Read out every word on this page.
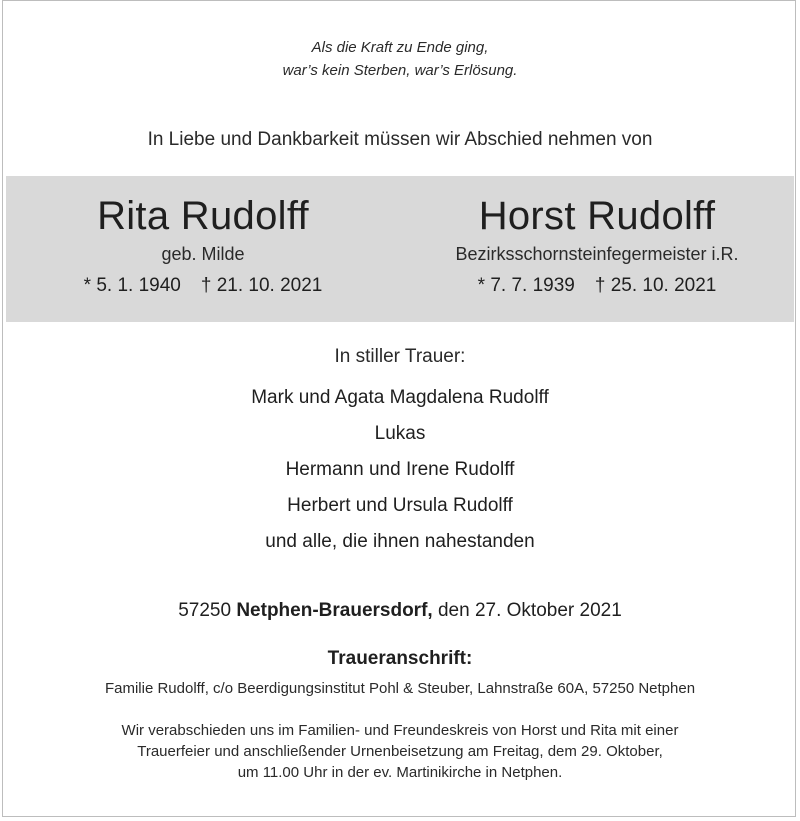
Als die Kraft zu Ende ging,
war’s kein Sterben, war’s Erlösung.
In Liebe und Dankbarkeit müssen wir Abschied nehmen von
Rita Rudolff
geb. Milde
* 5. 1. 1940 † 21. 10. 2021
Horst Rudolff
Bezirksschornsteinfegermeister i.R.
* 7. 7. 1939 † 25. 10. 2021
In stiller Trauer:
Mark und Agata Magdalena Rudolff
Lukas
Hermann und Irene Rudolff
Herbert und Ursula Rudolff
und alle, die ihnen nahestanden
57250 Netphen-Brauersdorf, den 27. Oktober 2021
Traueranschrift:
Familie Rudolff, c/o Beerdigungsinstitut Pohl & Steuber, Lahnstraße 60A, 57250 Netphen
Wir verabschieden uns im Familien- und Freundeskreis von Horst und Rita mit einer
Trauerfeier und anschließender Urnenbeisetzung am Freitag, dem 29. Oktober,
um 11.00 Uhr in der ev. Martinikirche in Netphen.
